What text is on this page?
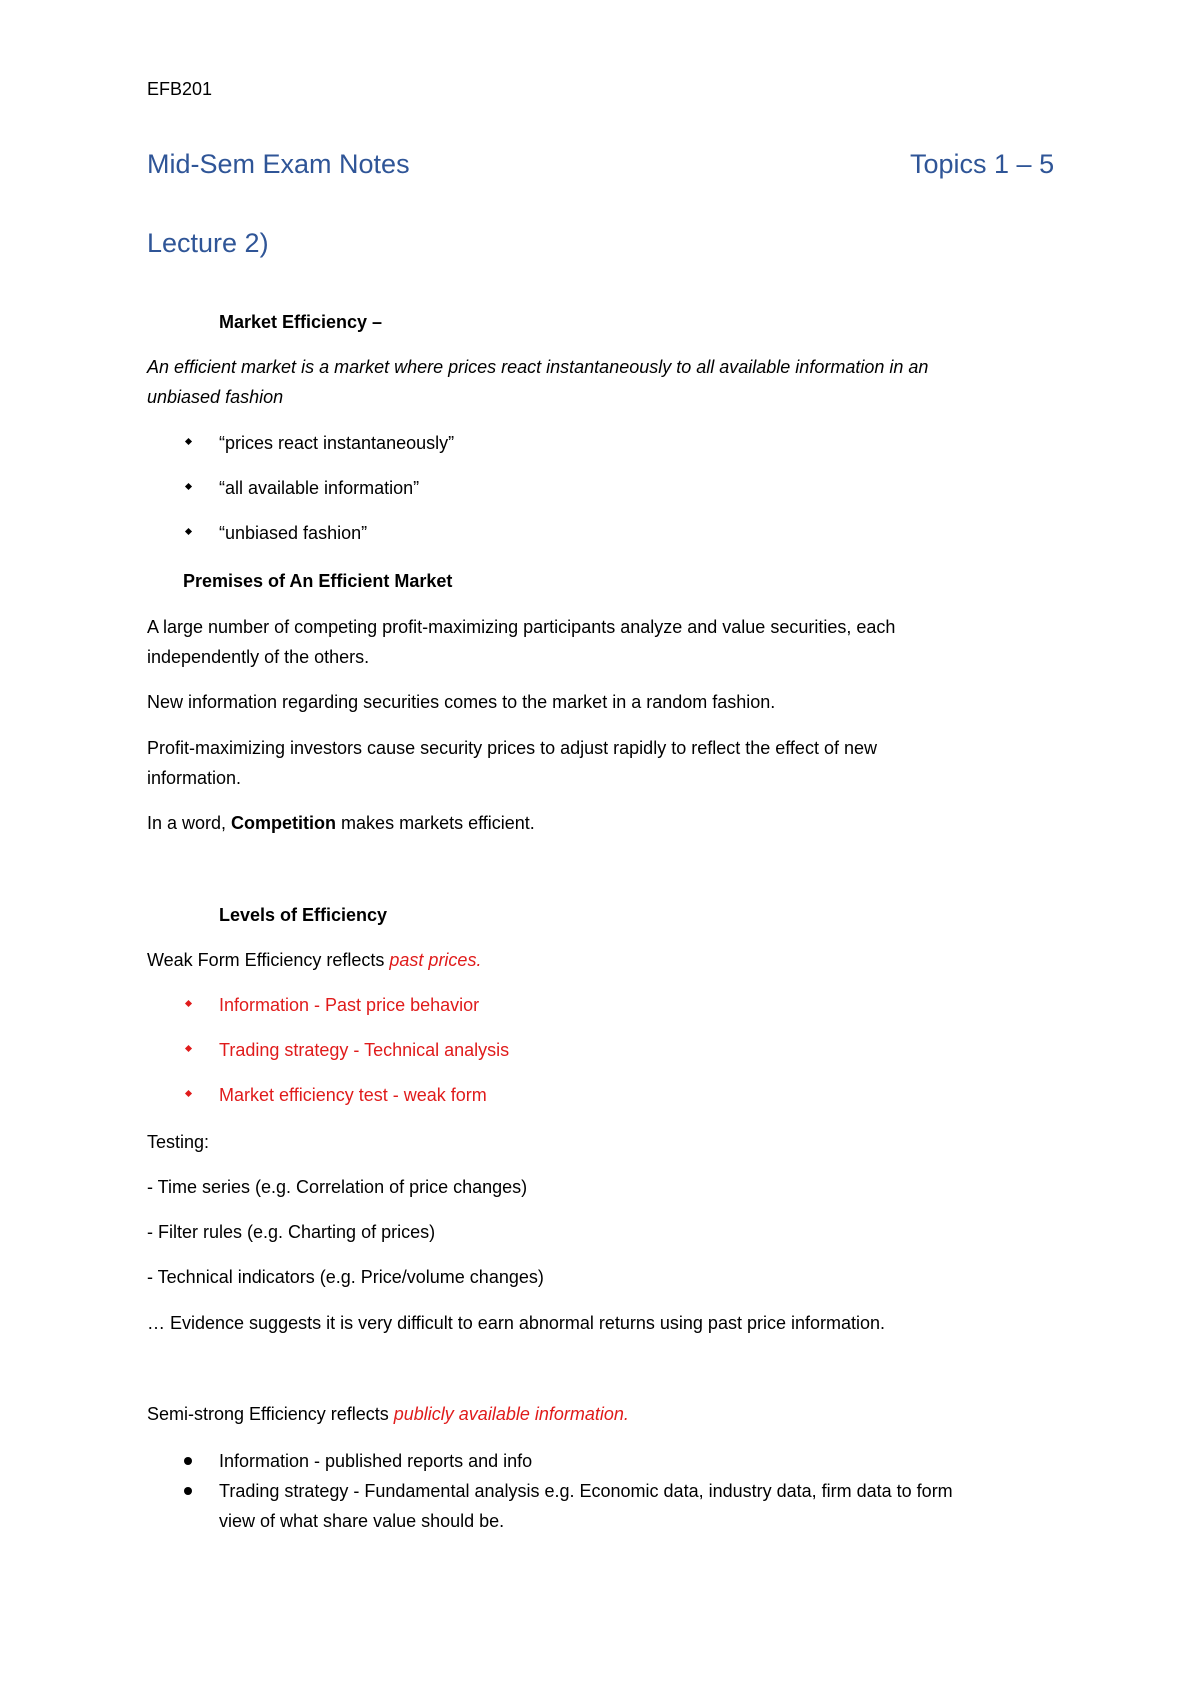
EFB201
Mid-Sem Exam Notes	Topics 1 – 5
Lecture 2)
Market Efficiency –
An efficient market is a market where prices react instantaneously to all available information in an
unbiased fashion
“prices react instantaneously”
“all available information”
“unbiased fashion”
Premises of An Efficient Market
A large number of competing profit-maximizing participants analyze and value securities, each
independently of the others.
New information regarding securities comes to the market in a random fashion.
Profit-maximizing investors cause security prices to adjust rapidly to reflect the effect of new
information.
In a word, Competition makes markets efficient.
Levels of Efficiency
Weak Form Efficiency reflects past prices.
Information - Past price behavior
Trading strategy - Technical analysis
Market efficiency test - weak form
Testing:
- Time series (e.g. Correlation of price changes)
- Filter rules (e.g. Charting of prices)
- Technical indicators (e.g. Price/volume changes)
… Evidence suggests it is very difficult to earn abnormal returns using past price information.
Semi-strong Efficiency reflects publicly available information.
Information - published reports and info
Trading strategy - Fundamental analysis e.g. Economic data, industry data, firm data to form
view of what share value should be.
